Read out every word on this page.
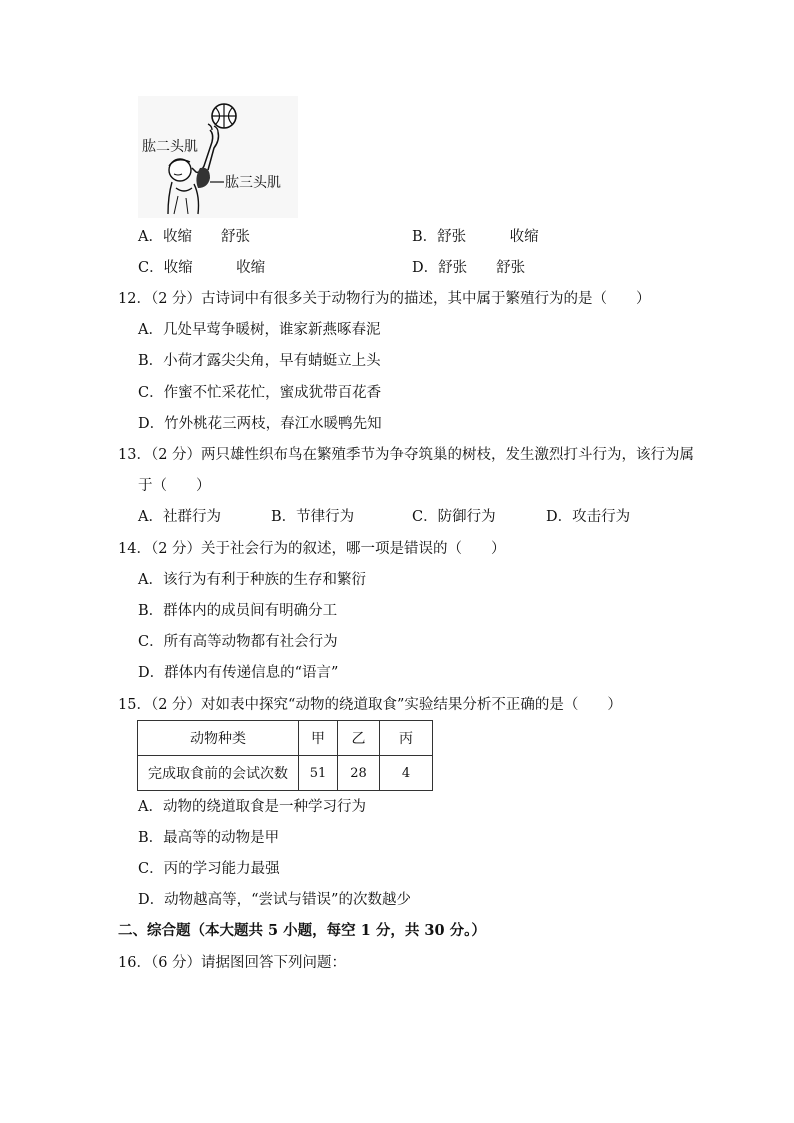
肱二头肌
肱三头肌
A．收缩　　舒张	B．舒张　　　收缩
C．收缩　　　收缩	D．舒张　　舒张
12．（2 分）古诗词中有很多关于动物行为的描述，其中属于繁殖行为的是（　　）
A．几处早莺争暖树，谁家新燕啄春泥
B．小荷才露尖尖角，早有蜻蜓立上头
C．作蜜不忙采花忙，蜜成犹带百花香
D．竹外桃花三两枝，春江水暖鸭先知
13．（2 分）两只雄性织布鸟在繁殖季节为争夺筑巢的树枝，发生激烈打斗行为，该行为属
于（　　）
A．社群行为	B．节律行为	C．防御行为	D．攻击行为
14．（2 分）关于社会行为的叙述，哪一项是错误的（　　）
A．该行为有利于种族的生存和繁衍
B．群体内的成员间有明确分工
C．所有高等动物都有社会行为
D．群体内有传递信息的“语言”
15．（2 分）对如表中探究“动物的绕道取食”实验结果分析不正确的是（　　）
动物种类	甲	乙	丙
完成取食前的会试次数	51	28	4
A．动物的绕道取食是一种学习行为
B．最高等的动物是甲
C．丙的学习能力最强
D．动物越高等，“尝试与错误”的次数越少
二、综合题（本大题共 5 小题，每空 1 分，共 30 分。）
16．（6 分）请据图回答下列问题：
